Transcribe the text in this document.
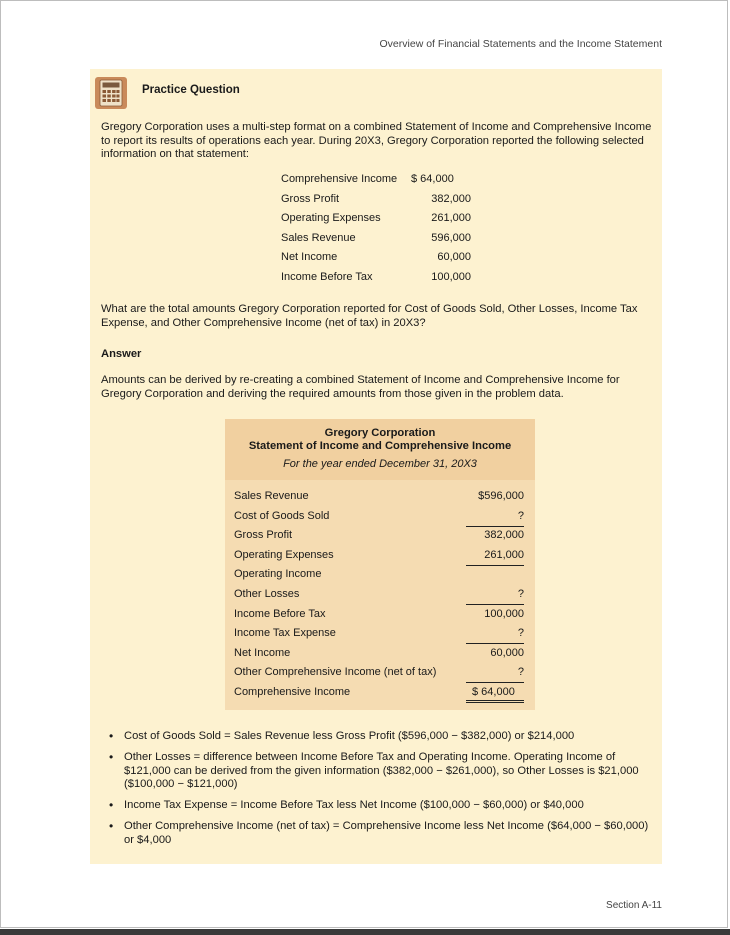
Overview of Financial Statements and the Income Statement
Practice Question

Gregory Corporation uses a multi-step format on a combined Statement of Income and Comprehensive Income to report its results of operations each year. During 20X3, Gregory Corporation reported the following selected information on that statement:

Comprehensive Income	$ 64,000
Gross Profit	382,000
Operating Expenses	261,000
Sales Revenue	596,000
Net Income	60,000
Income Before Tax	100,000

What are the total amounts Gregory Corporation reported for Cost of Goods Sold, Other Losses, Income Tax Expense, and Other Comprehensive Income (net of tax) in 20X3?

Answer

Amounts can be derived by re-creating a combined Statement of Income and Comprehensive Income for Gregory Corporation and deriving the required amounts from those given in the problem data.

Gregory Corporation
Statement of Income and Comprehensive Income
For the year ended December 31, 20X3
Sales Revenue	$596,000
Cost of Goods Sold	?
Gross Profit	382,000
Operating Expenses	261,000
Operating Income
Other Losses	?
Income Before Tax	100,000
Income Tax Expense	?
Net Income	60,000
Other Comprehensive Income (net of tax)	?
Comprehensive Income	$ 64,000
• Cost of Goods Sold = Sales Revenue less Gross Profit ($596,000 − $382,000) or $214,000
• Other Losses = difference between Income Before Tax and Operating Income. Operating Income of $121,000 can be derived from the given information ($382,000 − $261,000), so Other Losses is $21,000 ($100,000 − $121,000)
• Income Tax Expense = Income Before Tax less Net Income ($100,000 − $60,000) or $40,000
• Other Comprehensive Income (net of tax) = Comprehensive Income less Net Income ($64,000 − $60,000) or $4,000
Section A-11
